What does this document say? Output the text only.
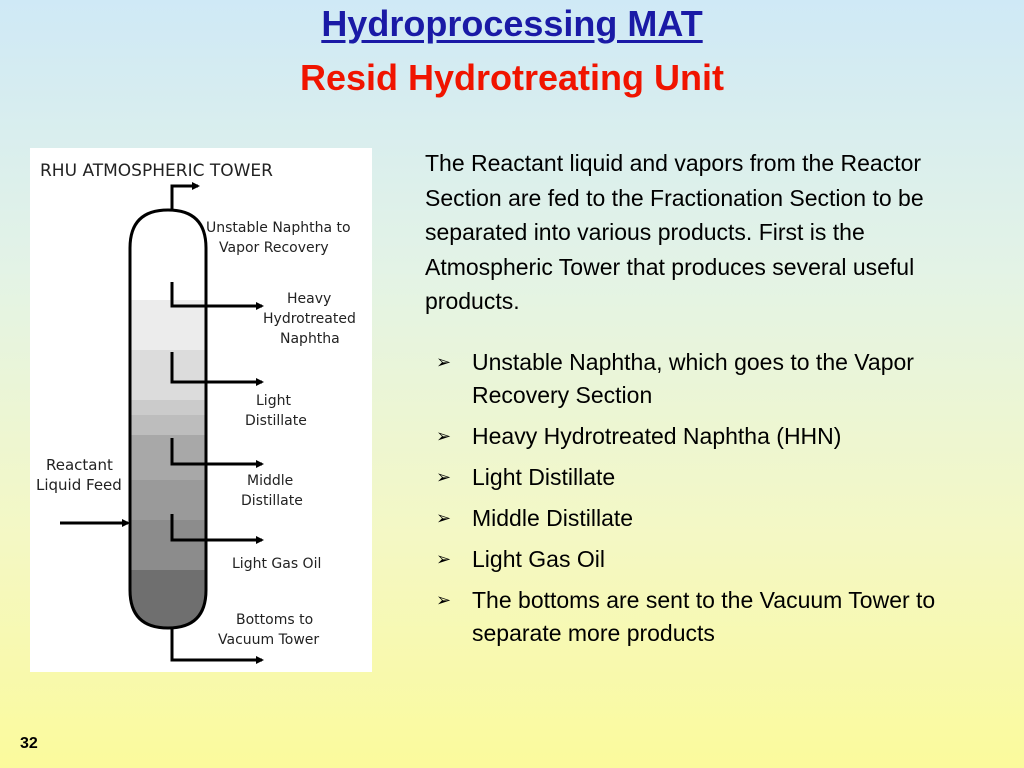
Hydroprocessing MAT
Resid Hydrotreating Unit
RHU ATMOSPHERIC TOWER
Reactant
Liquid Feed
Unstable Naphtha to
Vapor Recovery
Heavy
Hydrotreated
Naphtha
Light
Distillate
Middle
Distillate
Light Gas Oil
Bottoms to
Vacuum Tower
The Reactant liquid and vapors from the Reactor Section are fed to the Fractionation Section to be separated into various products. First is the Atmospheric Tower that produces several useful products.
➢ Unstable Naphtha, which goes to the Vapor Recovery Section
➢ Heavy Hydrotreated Naphtha (HHN)
➢ Light Distillate
➢ Middle Distillate
➢ Light Gas Oil
➢ The bottoms are sent to the Vacuum Tower to separate more products
32
